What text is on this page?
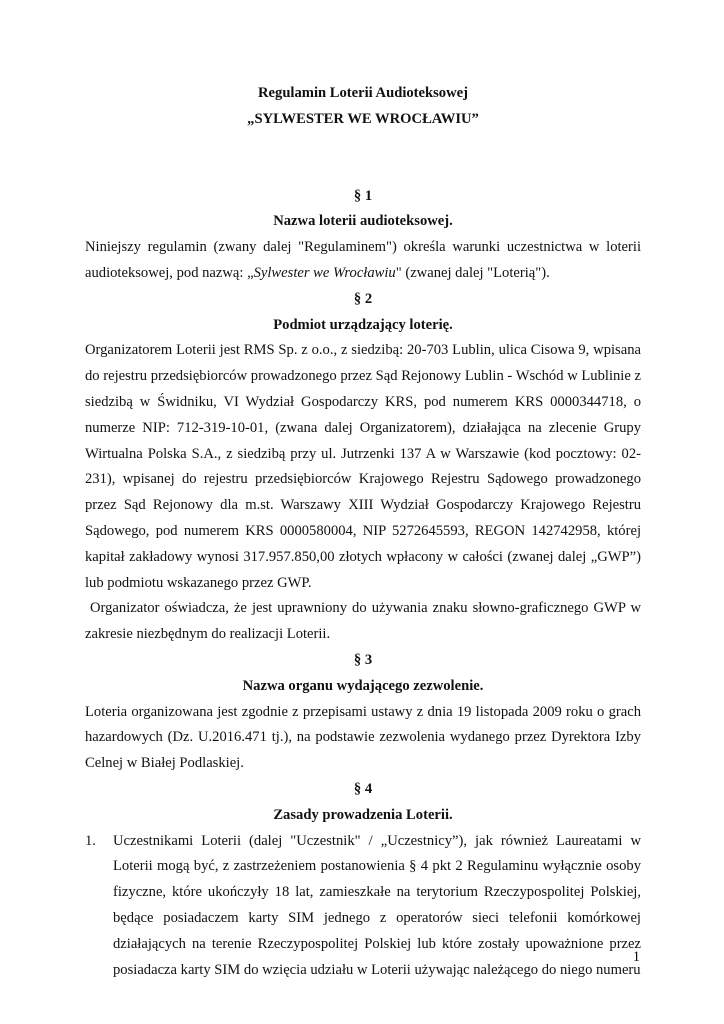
Regulamin Loterii Audioteksowej
„SYLWESTER WE WROCŁAWIU”
§ 1
Nazwa loterii audioteksowej.

Niniejszy regulamin (zwany dalej "Regulaminem") określa warunki uczestnictwa w loterii audioteksowej, pod nazwą: „Sylwester we Wrocławiu" (zwanej dalej "Loterią").

§ 2
Podmiot urządzający loterię.

Organizatorem Loterii jest RMS Sp. z o.o., z siedzibą: 20-703 Lublin, ulica Cisowa 9, wpisana do rejestru przedsiębiorców prowadzonego przez Sąd Rejonowy Lublin - Wschód w Lublinie z siedzibą w Świdniku, VI Wydział Gospodarczy KRS, pod numerem KRS 0000344718, o numerze NIP: 712-319-10-01, (zwana dalej Organizatorem), działająca na zlecenie Grupy Wirtualna Polska S.A., z siedzibą przy ul. Jutrzenki 137 A w Warszawie (kod pocztowy: 02-231), wpisanej do rejestru przedsiębiorców Krajowego Rejestru Sądowego prowadzonego przez Sąd Rejonowy dla m.st. Warszawy XIII Wydział Gospodarczy Krajowego Rejestru Sądowego, pod numerem KRS 0000580004, NIP 5272645593, REGON 142742958, której kapitał zakładowy wynosi 317.957.850,00 złotych wpłacony w całości (zwanej dalej „GWP”) lub podmiotu wskazanego przez GWP.

Organizator oświadcza, że jest uprawniony do używania znaku słowno-graficznego GWP w zakresie niezbędnym do realizacji Loterii.

§ 3
Nazwa organu wydającego zezwolenie.

Loteria organizowana jest zgodnie z przepisami ustawy z dnia 19 listopada 2009 roku o grach hazardowych (Dz. U.2016.471 tj.), na podstawie zezwolenia wydanego przez Dyrektora Izby Celnej w Białej Podlaskiej.

§ 4
Zasady prowadzenia Loterii.
1.	Uczestnikami Loterii (dalej "Uczestnik" / „Uczestnicy”), jak również Laureatami w Loterii mogą być, z zastrzeżeniem postanowienia § 4 pkt 2 Regulaminu wyłącznie osoby fizyczne, które ukończyły 18 lat, zamieszkałe na terytorium Rzeczypospolitej Polskiej, będące posiadaczem karty SIM jednego z operatorów sieci telefonii komórkowej działających na terenie Rzeczypospolitej Polskiej lub które zostały upoważnione przez posiadacza karty SIM do wzięcia udziału w Loterii używając należącego do niego numeru
1
